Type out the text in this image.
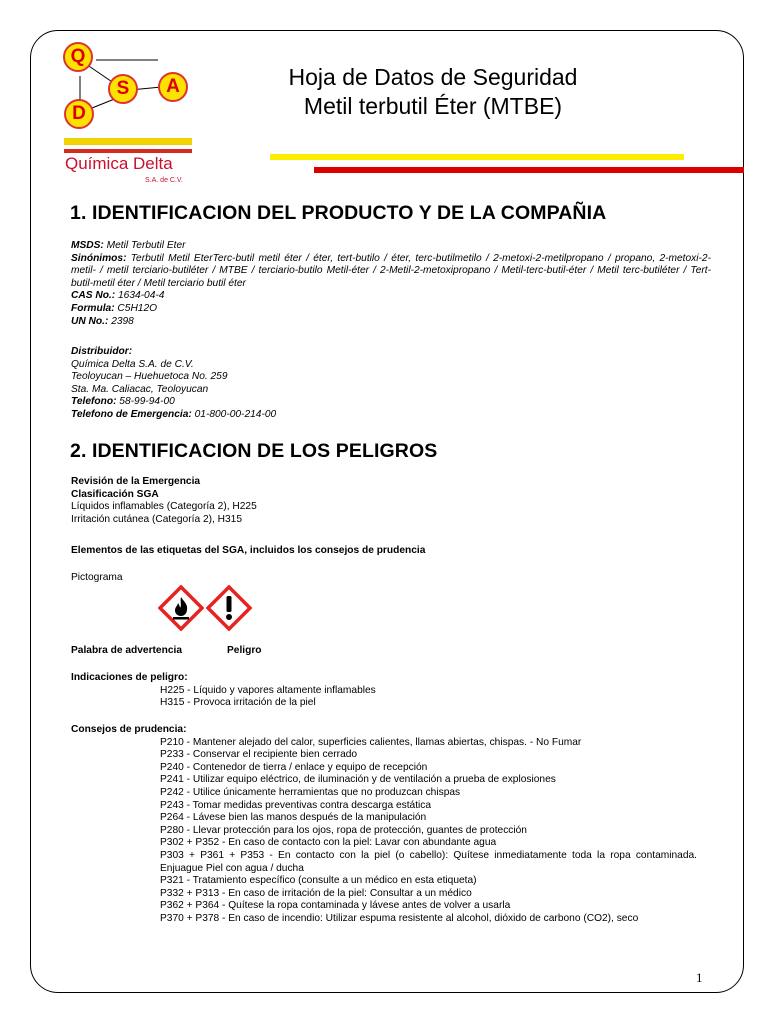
Q
S	A
D
Química Delta
S.A. de C.V.
Hoja de Datos de Seguridad
Metil terbutil Éter (MTBE)
1. IDENTIFICACION DEL PRODUCTO Y DE LA COMPAÑIA
MSDS: Metil Terbutil Eter
Sinónimos: Terbutil Metil EterTerc-butil metil éter / éter, tert-butilo / éter, terc-butilmetilo / 2-metoxi-2-metilpropano / propano, 2-metoxi-2-metil- / metil terciario-butiléter / MTBE / terciario-butilo Metil-éter / 2-Metil-2-metoxipropano / Metil-terc-butil-éter / Metil terc-butiléter / Tert-butil-metil éter / Metil terciario butil éter
CAS No.: 1634-04-4
Formula: C5H12O
UN No.: 2398
Distribuidor:
Química Delta S.A. de C.V.
Teoloyucan – Huehuetoca No. 259
Sta. Ma. Caliacac, Teoloyucan
Telefono: 58-99-94-00
Telefono de Emergencia: 01-800-00-214-00
2. IDENTIFICACION DE LOS PELIGROS
Revisión de la Emergencia
Clasificación SGA
Líquidos inflamables (Categoría 2), H225
Irritación cutánea (Categoría 2), H315
Elementos de las etiquetas del SGA, incluidos los consejos de prudencia
Pictograma
Palabra de advertencia	Peligro
Indicaciones de peligro:
H225 - Líquido y vapores altamente inflamables
H315 - Provoca irritación de la piel
Consejos de prudencia:
P210 - Mantener alejado del calor, superficies calientes, llamas abiertas, chispas. - No Fumar
P233 - Conservar el recipiente bien cerrado
P240 - Contenedor de tierra / enlace y equipo de recepción
P241 - Utilizar equipo eléctrico, de iluminación y de ventilación a prueba de explosiones
P242 - Utilice únicamente herramientas que no produzcan chispas
P243 - Tomar medidas preventivas contra descarga estática
P264 - Lávese bien las manos después de la manipulación
P280 - Llevar protección para los ojos, ropa de protección, guantes de protección
P302 + P352 - En caso de contacto con la piel: Lavar con abundante agua
P303 + P361 + P353 - En contacto con la piel (o cabello): Quítese inmediatamente toda la ropa contaminada. Enjuague Piel con agua / ducha
P321 - Tratamiento específico (consulte a un médico en esta etiqueta)
P332 + P313 - En caso de irritación de la piel: Consultar a un médico
P362 + P364 - Quítese la ropa contaminada y lávese antes de volver a usarla
P370 + P378 - En caso de incendio: Utilizar espuma resistente al alcohol, dióxido de carbono (CO2), seco
1
